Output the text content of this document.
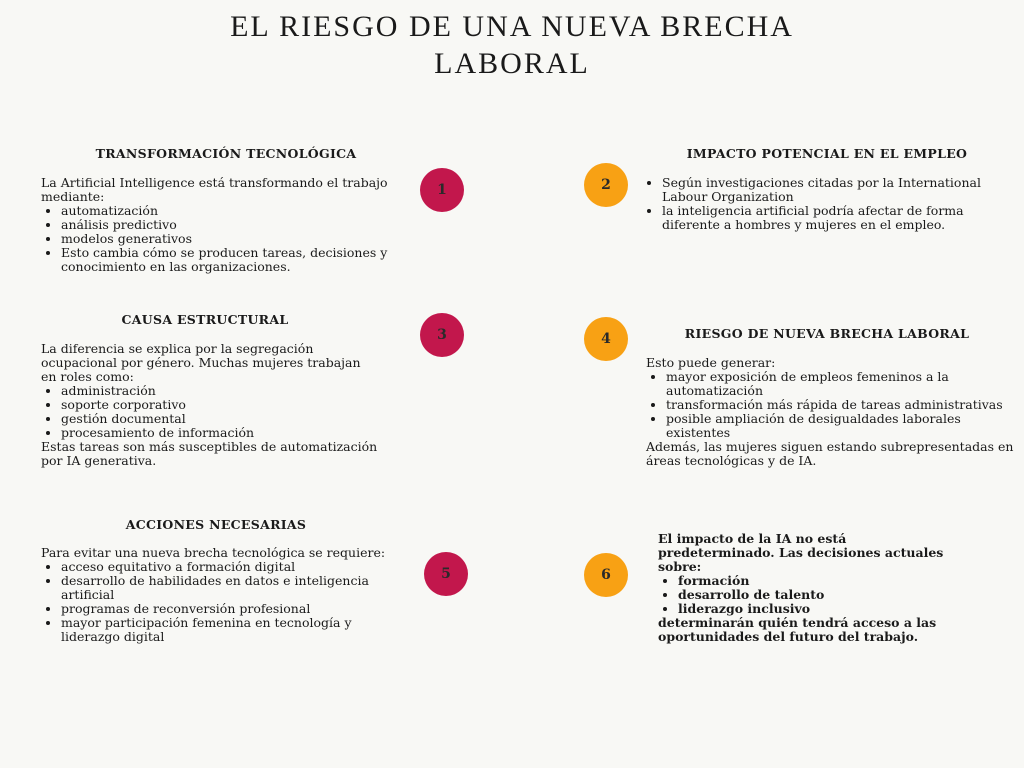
EL RIESGO DE UNA NUEVA BRECHA
LABORAL
TRANSFORMACIÓN TECNOLÓGICA

La Artificial Intelligence está transformando el trabajo mediante:

• automatización
• análisis predictivo
• modelos generativos
• Esto cambia cómo se producen tareas, decisiones y conocimiento en las organizaciones.
1	2
IMPACTO POTENCIAL EN EL EMPLEO
• Según investigaciones citadas por la International Labour Organization
• la inteligencia artificial podría afectar de forma diferente a hombres y mujeres en el empleo.
CAUSA ESTRUCTURAL

La diferencia se explica por la segregación ocupacional por género. Muchas mujeres trabajan en roles como:

• administración
• soporte corporativo
• gestión documental
• procesamiento de información

Estas tareas son más susceptibles de automatización por IA generativa.

3	4	RIESGO DE NUEVA BRECHA LABORAL

Esto puede generar:

• mayor exposición de empleos femeninos a la automatización
• transformación más rápida de tareas administrativas
• posible ampliación de desigualdades laborales existentes

Además, las mujeres siguen estando subrepresentadas en áreas tecnológicas y de IA.

ACCIONES NECESARIAS

Para evitar una nueva brecha tecnológica se requiere:

• acceso equitativo a formación digital
• desarrollo de habilidades en datos e inteligencia artificial
• programas de reconversión profesional
• mayor participación femenina en tecnología y liderazgo digital
5	6

El impacto de la IA no está predeterminado. Las decisiones actuales sobre:

• formación
• desarrollo de talento
• liderazgo inclusivo

determinarán quién tendrá acceso a las oportunidades del futuro del trabajo.
